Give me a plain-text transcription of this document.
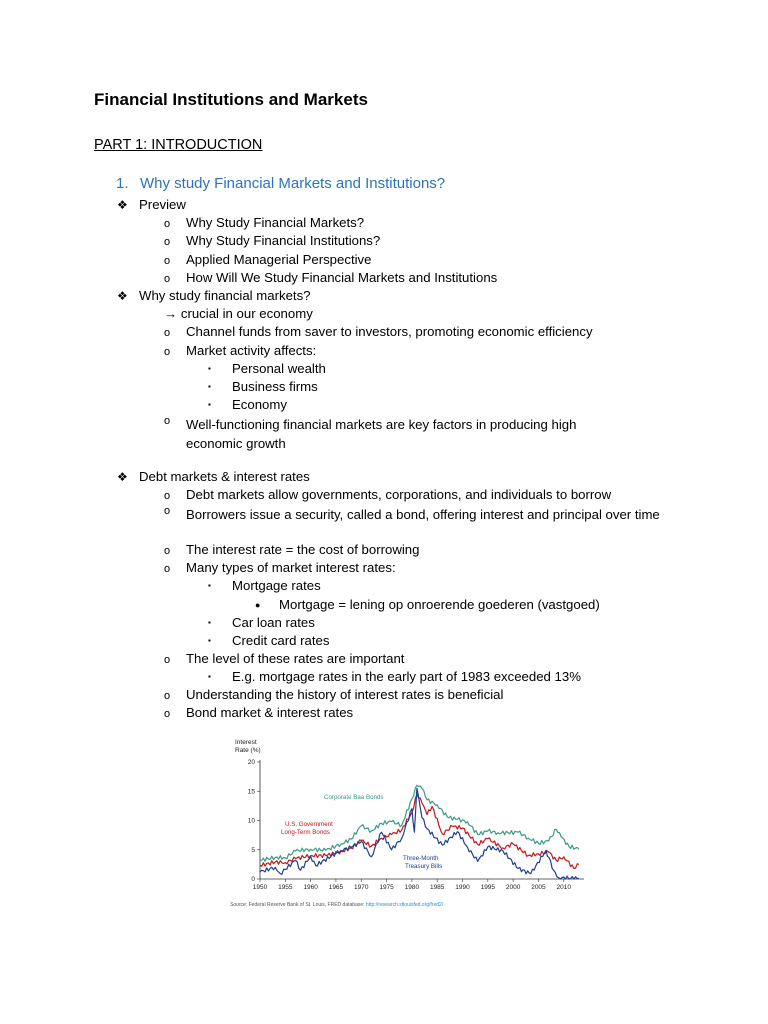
Financial Institutions and Markets
PART 1: INTRODUCTION
1. Why study Financial Markets and Institutions?
❖ Preview
o Why Study Financial Markets?
o Why Study Financial Institutions?
o Applied Managerial Perspective
o How Will We Study Financial Markets and Institutions
❖ Why study financial markets?
→ crucial in our economy
o Channel funds from saver to investors, promoting economic efficiency
o Market activity affects:
▪ Personal wealth
▪ Business firms
▪ Economy
o Well-functioning financial markets are key factors in producing high economic growth
❖ Debt markets & interest rates
o Debt markets allow governments, corporations, and individuals to borrow
o Borrowers issue a security, called a bond, offering interest and principal over time
o The interest rate = the cost of borrowing
o Many types of market interest rates:
▪ Mortgage rates
● Mortgage = lening op onroerende goederen (vastgoed)
▪ Car loan rates
▪ Credit card rates
o The level of these rates are important
▪ E.g. mortgage rates in the early part of 1983 exceeded 13%
o Understanding the history of interest rates is beneficial
o Bond market & interest rates
Interest
Rate (%)
0
5
10
15
20
1950 1955 1960 1965 1970 1975 1980 1985 1990 1995 2000 2005 2010
Corporate Baa Bonds
U.S. Government
Long-Term Bonds
Three-Month
Treasury Bills
Source: Federal Reserve Bank of St. Louis, FRED database: http://research.stlouisfed.org/fred2/
